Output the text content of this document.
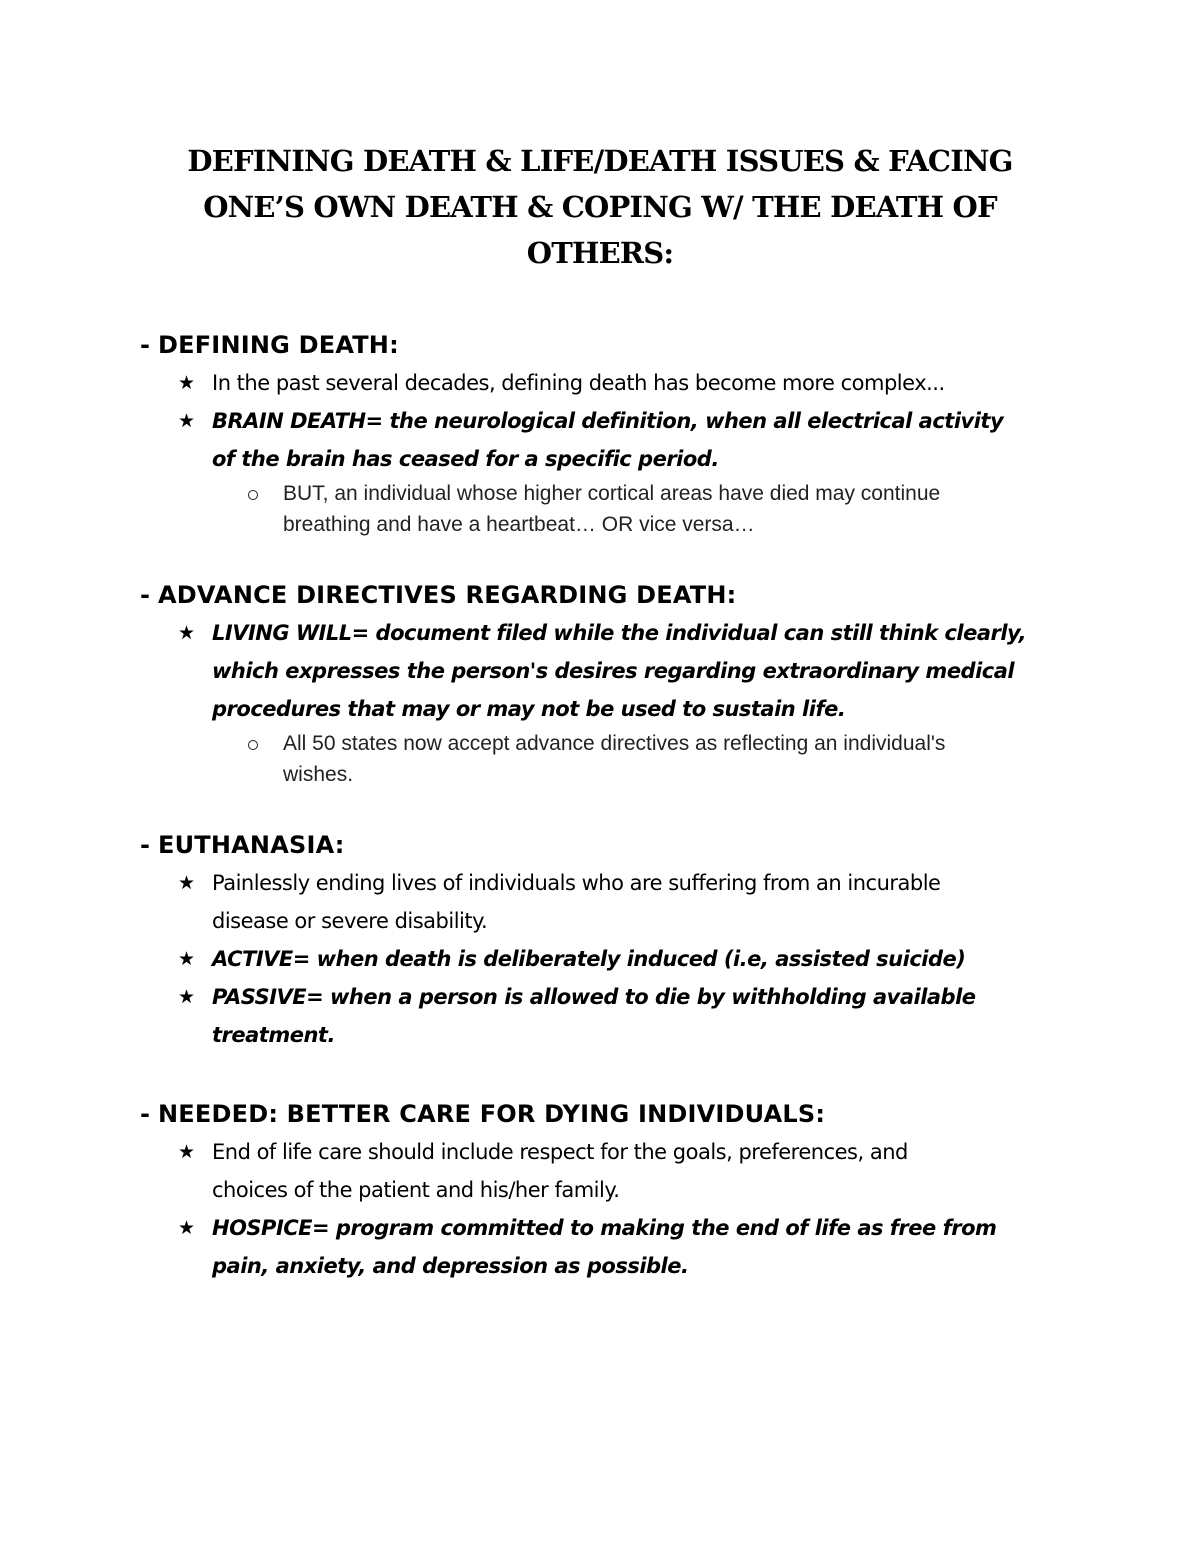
DEFINING DEATH & LIFE/DEATH ISSUES & FACING
ONE’S OWN DEATH & COPING W/ THE DEATH OF
OTHERS:
- DEFINING DEATH:
★ In the past several decades, defining death has become more complex...
★ BRAIN DEATH= the neurological definition, when all electrical activity
of the brain has ceased for a specific period.
BUT, an individual whose higher cortical areas have died may continue
breathing and have a heartbeat… OR vice versa…
- ADVANCE DIRECTIVES REGARDING DEATH:
★ LIVING WILL= document filed while the individual can still think clearly,
which expresses the person's desires regarding extraordinary medical
procedures that may or may not be used to sustain life.
All 50 states now accept advance directives as reflecting an individual's
wishes.
- EUTHANASIA:
★ Painlessly ending lives of individuals who are suffering from an incurable
disease or severe disability.
★ ACTIVE= when death is deliberately induced (i.e, assisted suicide)
★ PASSIVE= when a person is allowed to die by withholding available
treatment.
- NEEDED: BETTER CARE FOR DYING INDIVIDUALS:
★ End of life care should include respect for the goals, preferences, and
choices of the patient and his/her family.
★ HOSPICE= program committed to making the end of life as free from
pain, anxiety, and depression as possible.
